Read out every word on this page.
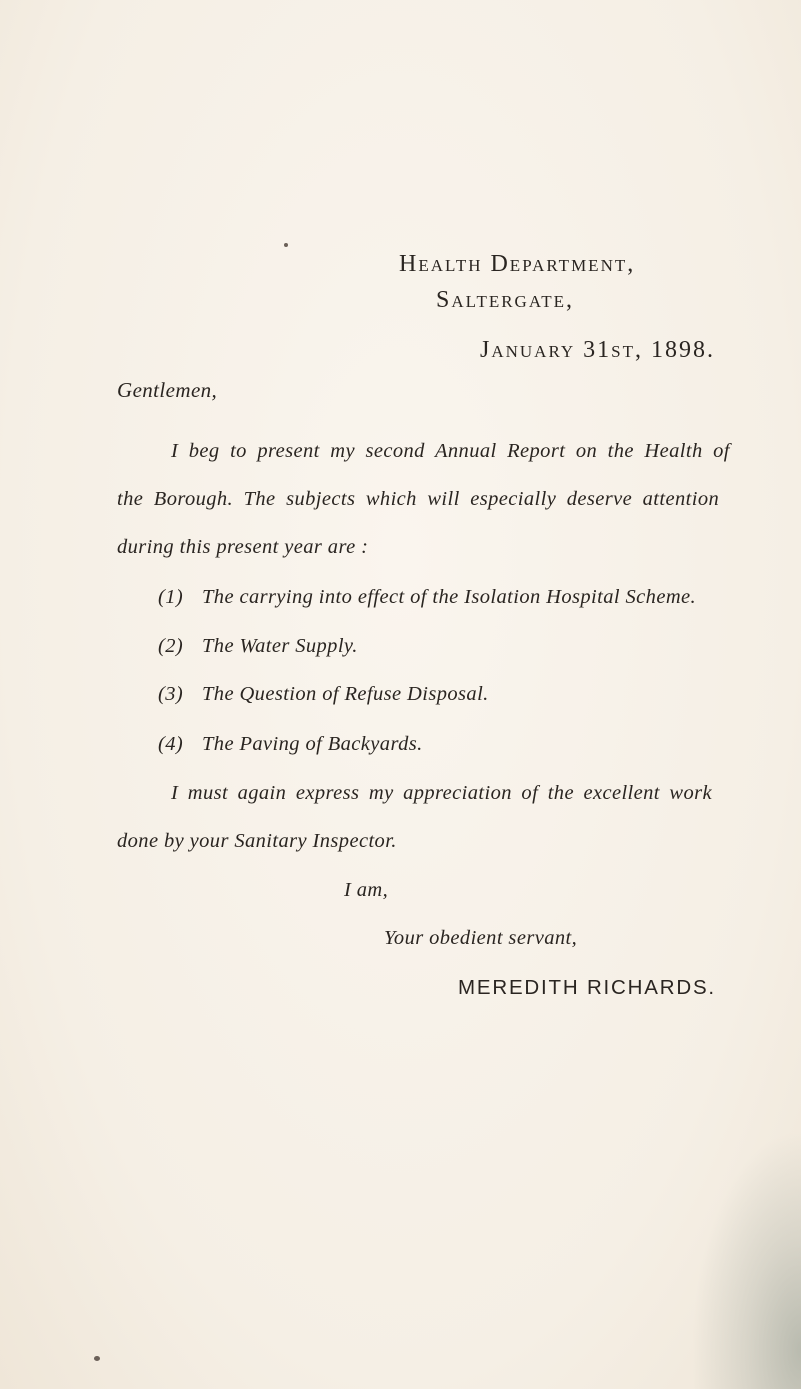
Health Department,
Saltergate,
January 31st, 1898.
Gentlemen,
I beg to present my second Annual Report on the Health of
the Borough. The subjects which will especially deserve attention
during this present year are :
(1) The carrying into effect of the Isolation Hospital Scheme.
(2) The Water Supply.
(3) The Question of Refuse Disposal.
(4) The Paving of Backyards.
I must again express my appreciation of the excellent work
done by your Sanitary Inspector.
I am,
Your obedient servant,
MEREDITH RICHARDS.
